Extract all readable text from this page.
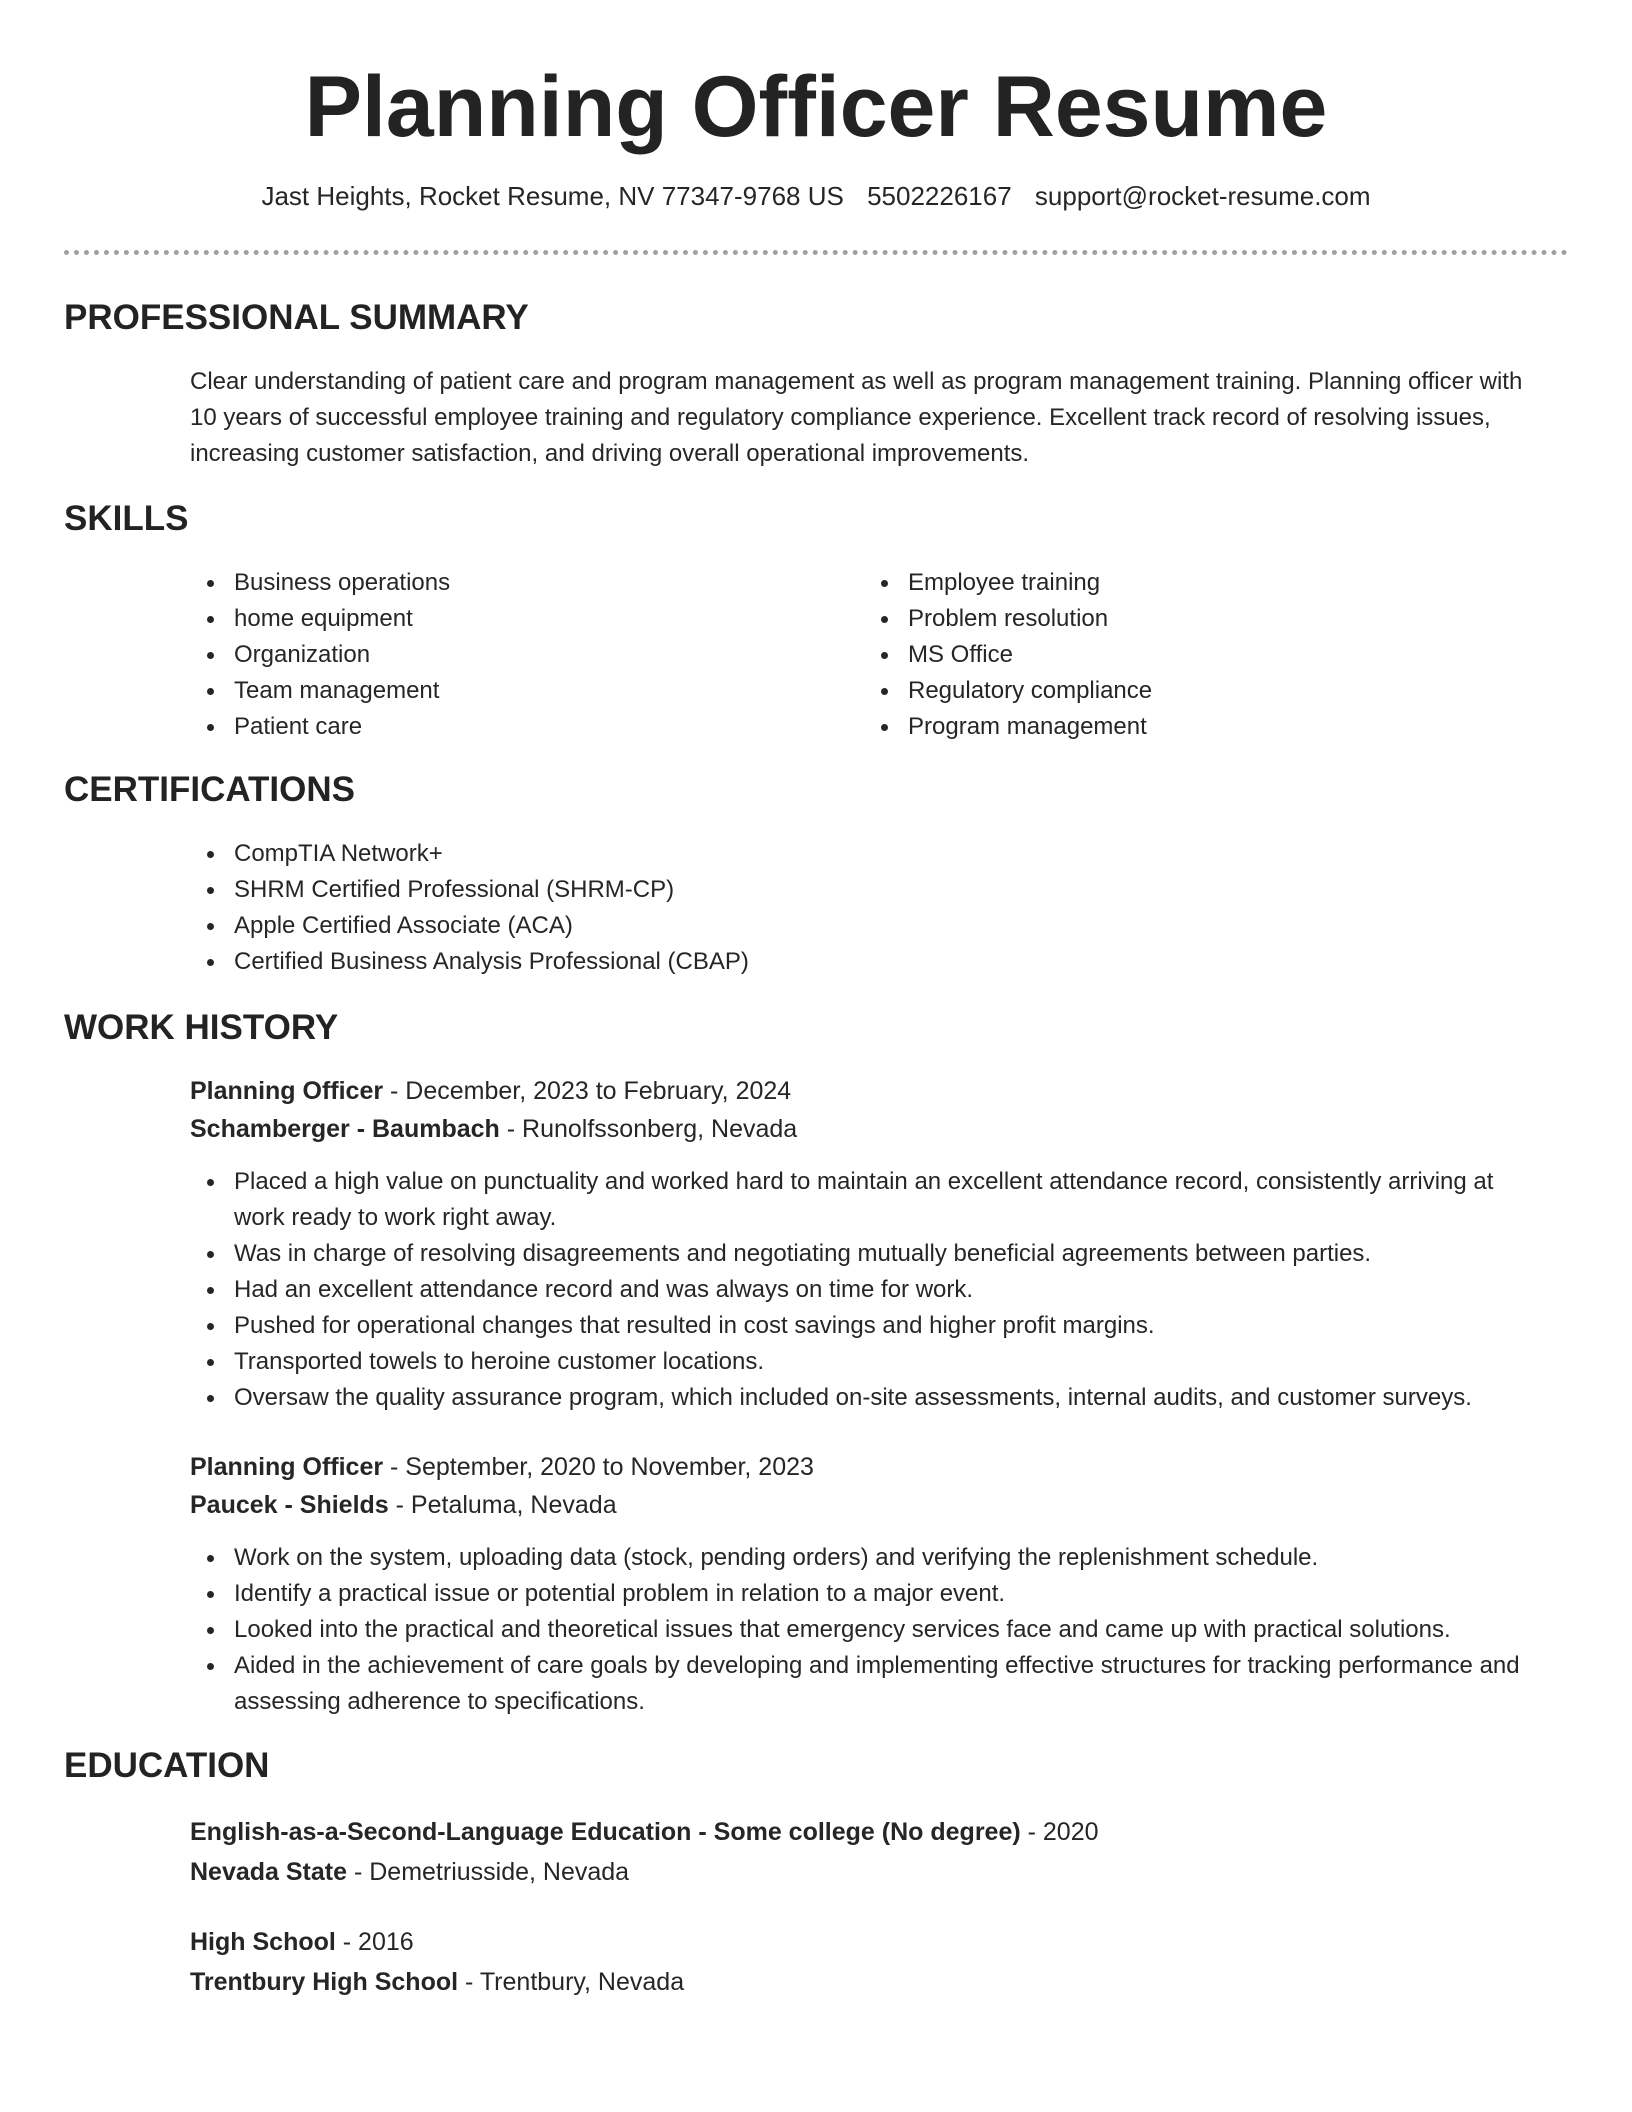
Planning Officer Resume
Jast Heights, Rocket Resume, NV 77347-9768 US 5502226167 support@rocket-resume.com
PROFESSIONAL SUMMARY

Clear understanding of patient care and program management as well as program management training. Planning officer with 10 years of successful employee training and regulatory compliance experience. Excellent track record of resolving issues, increasing customer satisfaction, and driving overall operational improvements.

SKILLS
Business operations
home equipment
Organization
Team management
Patient care
Employee training
Problem resolution
MS Office
Regulatory compliance
Program management
CERTIFICATIONS
CompTIA Network+
SHRM Certified Professional (SHRM-CP)
Apple Certified Associate (ACA)
Certified Business Analysis Professional (CBAP)
WORK HISTORY
Planning Officer - December, 2023 to February, 2024
Schamberger - Baumbach - Runolfssonberg, Nevada
Placed a high value on punctuality and worked hard to maintain an excellent attendance record, consistently arriving at work ready to work right away.
Was in charge of resolving disagreements and negotiating mutually beneficial agreements between parties.
Had an excellent attendance record and was always on time for work.
Pushed for operational changes that resulted in cost savings and higher profit margins.
Transported towels to heroine customer locations.
Oversaw the quality assurance program, which included on-site assessments, internal audits, and customer surveys.
Planning Officer - September, 2020 to November, 2023
Paucek - Shields - Petaluma, Nevada
Work on the system, uploading data (stock, pending orders) and verifying the replenishment schedule.
Identify a practical issue or potential problem in relation to a major event.
Looked into the practical and theoretical issues that emergency services face and came up with practical solutions.
Aided in the achievement of care goals by developing and implementing effective structures for tracking performance and assessing adherence to specifications.
EDUCATION
English-as-a-Second-Language Education - Some college (No degree) - 2020
Nevada State - Demetriusside, Nevada
High School - 2016
Trentbury High School - Trentbury, Nevada
